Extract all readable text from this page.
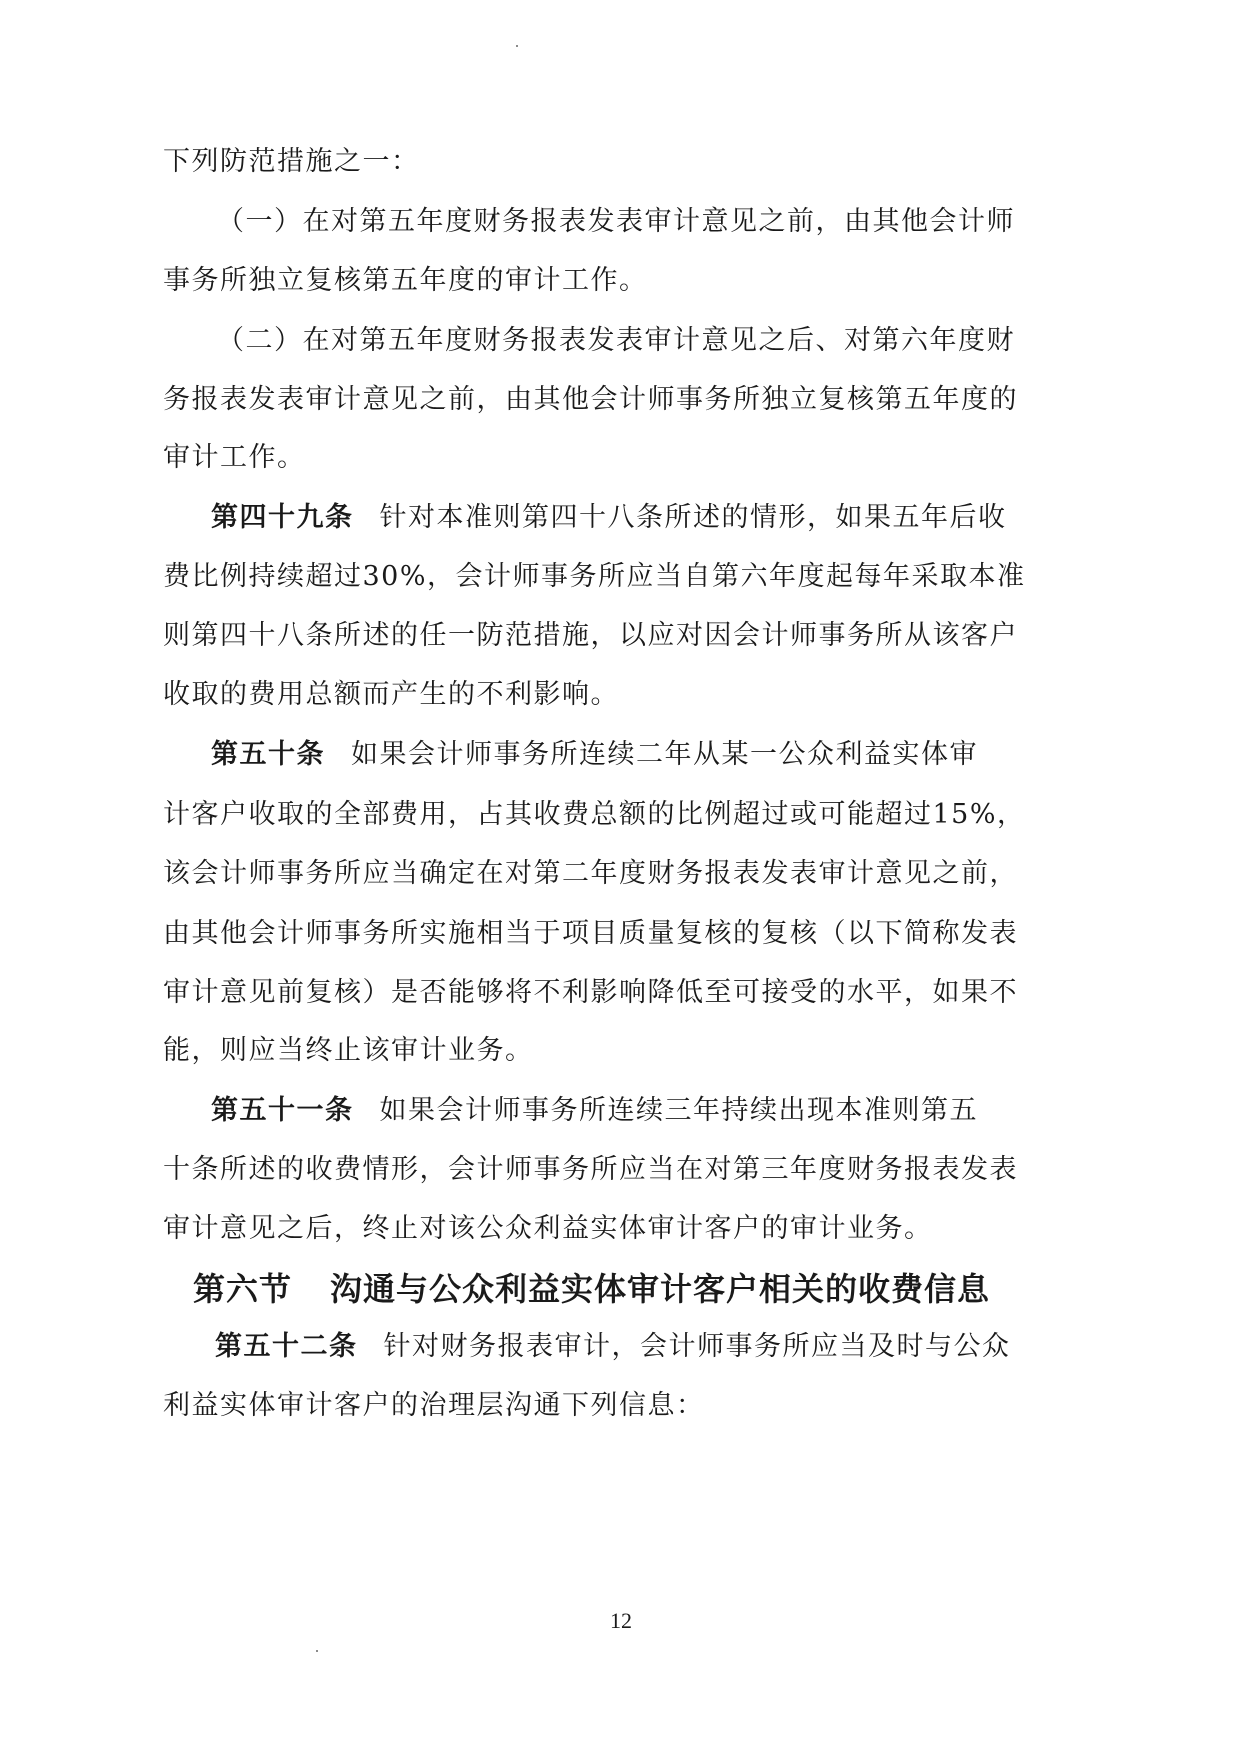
下列防范措施之一：
（一）在对第五年度财务报表发表审计意见之前，由其他会计师
事务所独立复核第五年度的审计工作。
（二）在对第五年度财务报表发表审计意见之后、对第六年度财
务报表发表审计意见之前，由其他会计师事务所独立复核第五年度的
审计工作。
第四十九条 针对本准则第四十八条所述的情形，如果五年后收
费比例持续超过30%，会计师事务所应当自第六年度起每年采取本准
则第四十八条所述的任一防范措施，以应对因会计师事务所从该客户
收取的费用总额而产生的不利影响。
第五十条 如果会计师事务所连续二年从某一公众利益实体审
计客户收取的全部费用，占其收费总额的比例超过或可能超过15%，
该会计师事务所应当确定在对第二年度财务报表发表审计意见之前，
由其他会计师事务所实施相当于项目质量复核的复核（以下简称发表
审计意见前复核）是否能够将不利影响降低至可接受的水平，如果不
能，则应当终止该审计业务。
第五十一条 如果会计师事务所连续三年持续出现本准则第五
十条所述的收费情形，会计师事务所应当在对第三年度财务报表发表
审计意见之后，终止对该公众利益实体审计客户的审计业务。
第六节 沟通与公众利益实体审计客户相关的收费信息
第五十二条 针对财务报表审计，会计师事务所应当及时与公众
利益实体审计客户的治理层沟通下列信息：
12
